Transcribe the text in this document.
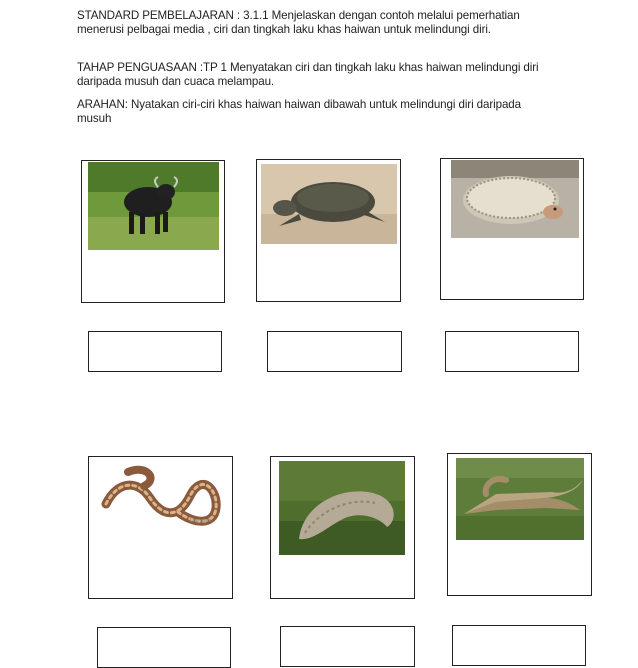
STANDARD PEMBELAJARAN : 3.1.1 Menjelaskan dengan contoh melalui pemerhatian menerusi pelbagai media , ciri dan tingkah laku khas haiwan untuk melindungi diri.
TAHAP PENGUASAAN :TP 1 Menyatakan ciri dan tingkah laku khas haiwan melindungi diri daripada musuh dan cuaca melampau.
ARAHAN: Nyatakan ciri-ciri khas haiwan haiwan dibawah untuk melindungi diri daripada musuh
Ular pinin
